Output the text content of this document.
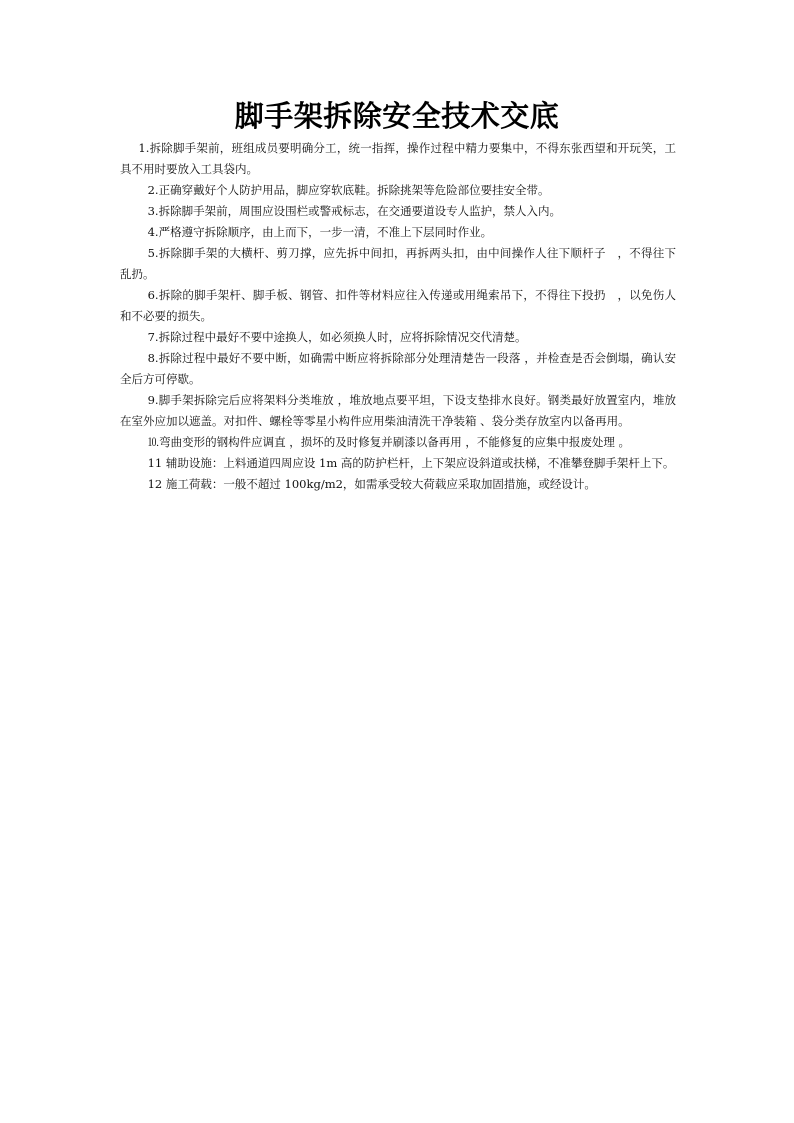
脚手架拆除安全技术交底

1.拆除脚手架前，班组成员要明确分工，统一指挥，操作过程中精力要集中，不得东张西望和开玩笑，工具不用时要放入工具袋内。

2.正确穿戴好个人防护用品，脚应穿软底鞋。拆除挑架等危险部位要挂安全带。

3.拆除脚手架前，周围应设围栏或警戒标志，在交通要道设专人监护，禁人入内。

4.严格遵守拆除顺序，由上而下，一步一清，不准上下层同时作业。

5.拆除脚手架的大横杆、剪刀撑，应先拆中间扣，再拆两头扣，由中间操作人往下顺杆子　，不得往下乱扔。

6.拆除的脚手架杆、脚手板、钢管、扣件等材料应往入传递或用绳索吊下，不得往下投扔　，以免伤人和不必要的损失。

7.拆除过程中最好不要中途换人，如必须换人时，应将拆除情况交代清楚。

8.拆除过程中最好不要中断，如确需中断应将拆除部分处理清楚告一段落 ，并检查是否会倒塌，确认安全后方可停歇。

9.脚手架拆除完后应将架料分类堆放 ，堆放地点要平坦，下设支垫排水良好。钢类最好放置室内，堆放在室外应加以遮盖。对扣件、螺栓等零星小构件应用柴油清洗干净装箱 、袋分类存放室内以备再用。

⒑弯曲变形的钢构件应调直 ，损坏的及时修复并刷漆以备再用 ，不能修复的应集中报废处理 。

11 辅助设施：上料通道四周应设 1m 高的防护栏杆，上下架应设斜道或扶梯，不准攀登脚手架杆上下。

12 施工荷载：一般不超过 100kg/m2，如需承受较大荷载应采取加固措施，或经设计。
